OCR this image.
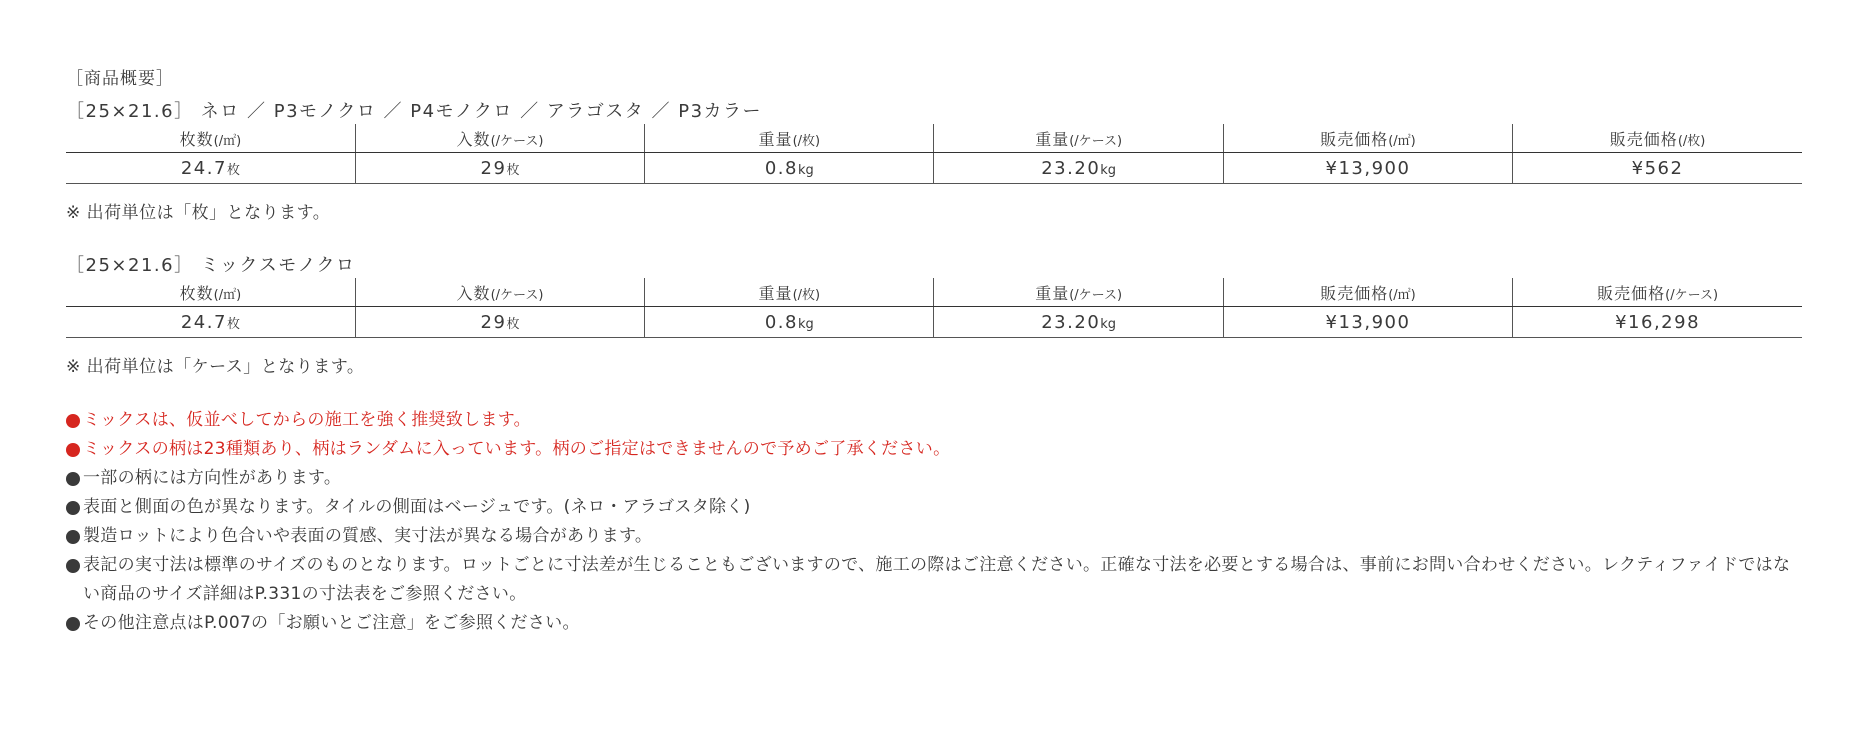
［商品概要］
［25×21.6］ ネロ ／ P3モノクロ ／ P4モノクロ ／ アラゴスタ ／ P3カラー
枚数(/㎡)	入数(/ケース)	重量(/枚)	重量(/ケース)	販売価格(/㎡)	販売価格(/枚)
24.7枚	29枚	0.8kg	23.20kg	¥13,900	¥562
※ 出荷単位は「枚」となります。
［25×21.6］ ミックスモノクロ
枚数(/㎡)	入数(/ケース)	重量(/枚)	重量(/ケース)	販売価格(/㎡)	販売価格(/ケース)
24.7枚	29枚	0.8kg	23.20kg	¥13,900	¥16,298
※ 出荷単位は「ケース」となります。
ミックスは、仮並べしてからの施工を強く推奨致します。
ミックスの柄は23種類あり、柄はランダムに入っています。柄のご指定はできませんので予めご了承ください。
一部の柄には方向性があります。
表面と側面の色が異なります。タイルの側面はベージュです。(ネロ・アラゴスタ除く)
製造ロットにより色合いや表面の質感、実寸法が異なる場合があります。
表記の実寸法は標準のサイズのものとなります。ロットごとに寸法差が生じることもございますので、施工の際はご注意ください。正確な寸法を必要とする場合は、事前にお問い合わせください。レクティファイドではない商品のサイズ詳細はP.331の寸法表をご参照ください。
その他注意点はP.007の「お願いとご注意」をご参照ください。
